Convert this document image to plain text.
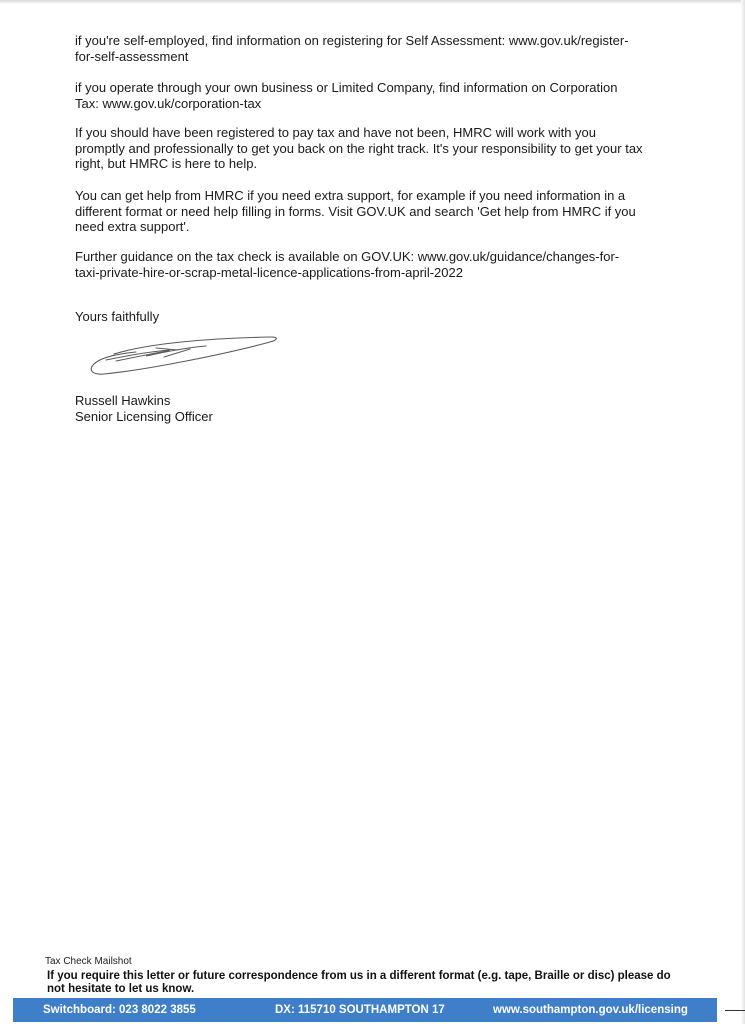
if you're self-employed, find information on registering for Self Assessment: www.gov.uk/register-
for-self-assessment
if you operate through your own business or Limited Company, find information on Corporation
Tax: www.gov.uk/corporation-tax
If you should have been registered to pay tax and have not been, HMRC will work with you
promptly and professionally to get you back on the right track. It's your responsibility to get your tax
right, but HMRC is here to help.
You can get help from HMRC if you need extra support, for example if you need information in a
different format or need help filling in forms. Visit GOV.UK and search 'Get help from HMRC if you
need extra support'.
Further guidance on the tax check is available on GOV.UK: www.gov.uk/guidance/changes-for-
taxi-private-hire-or-scrap-metal-licence-applications-from-april-2022
Yours faithfully
Russell Hawkins
Senior Licensing Officer
Tax Check Mailshot
If you require this letter or future correspondence from us in a different format (e.g. tape, Braille or disc) please do
not hesitate to let us know.
Switchboard: 023 8022 3855	DX: 115710 SOUTHAMPTON 17	www.southampton.gov.uk/licensing
